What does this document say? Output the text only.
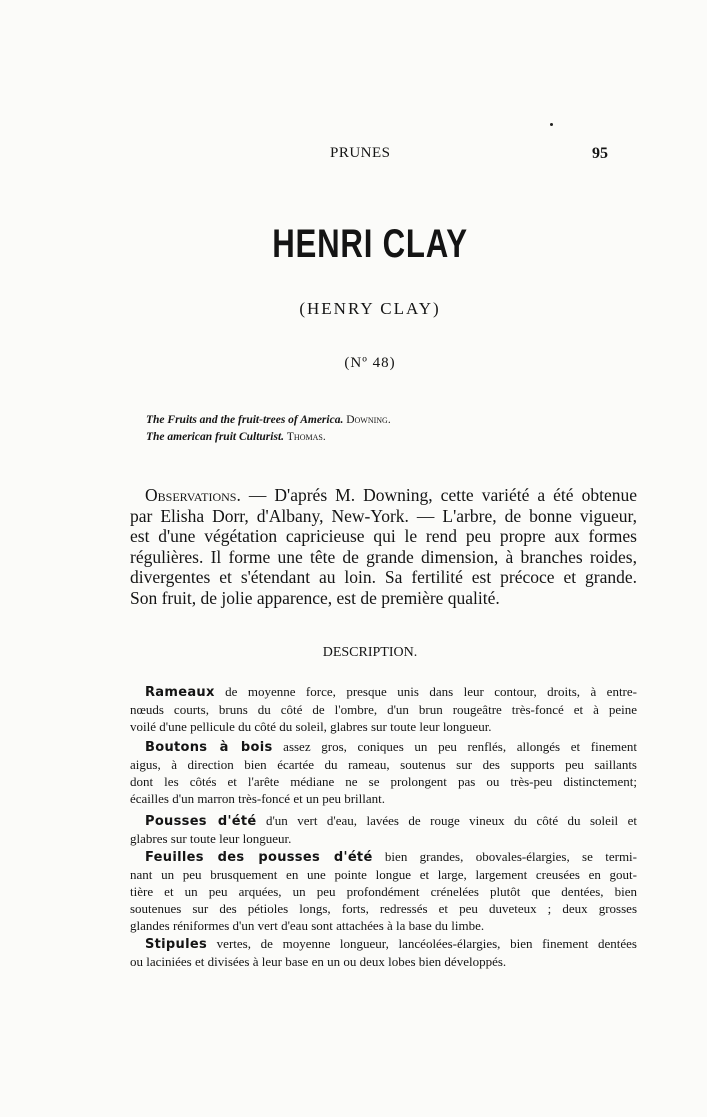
PRUNES	95
HENRI CLAY
(HENRY CLAY)
(Nº 48)
The Fruits and the fruit-trees of America. Downing.
The american fruit Culturist. Thomas.
Observations. — D'aprés M. Downing, cette variété a été obtenue
par Elisha Dorr, d'Albany, New-York. — L'arbre, de bonne vigueur,
est d'une végétation capricieuse qui le rend peu propre aux formes
régulières. Il forme une tête de grande dimension, à branches roides,
divergentes et s'étendant au loin. Sa fertilité est précoce et grande.
Son fruit, de jolie apparence, est de première qualité.
DESCRIPTION.
Rameaux de moyenne force, presque unis dans leur contour, droits, à entre-
nœuds courts, bruns du côté de l'ombre, d'un brun rougeâtre très-foncé et à peine
voilé d'une pellicule du côté du soleil, glabres sur toute leur longueur.
Boutons à bois assez gros, coniques un peu renflés, allongés et finement
aigus, à direction bien écartée du rameau, soutenus sur des supports peu saillants
dont les côtés et l'arête médiane ne se prolongent pas ou très-peu distinctement;
écailles d'un marron très-foncé et un peu brillant.
Pousses d'été d'un vert d'eau, lavées de rouge vineux du côté du soleil et
glabres sur toute leur longueur.
Feuilles des pousses d'été bien grandes, obovales-élargies, se termi-
nant un peu brusquement en une pointe longue et large, largement creusées en gout-
tière et un peu arquées, un peu profondément crénelées plutôt que dentées, bien
soutenues sur des pétioles longs, forts, redressés et peu duveteux ; deux grosses
glandes réniformes d'un vert d'eau sont attachées à la base du limbe.
Stipules vertes, de moyenne longueur, lancéolées-élargies, bien finement dentées
ou laciniées et divisées à leur base en un ou deux lobes bien développés.
